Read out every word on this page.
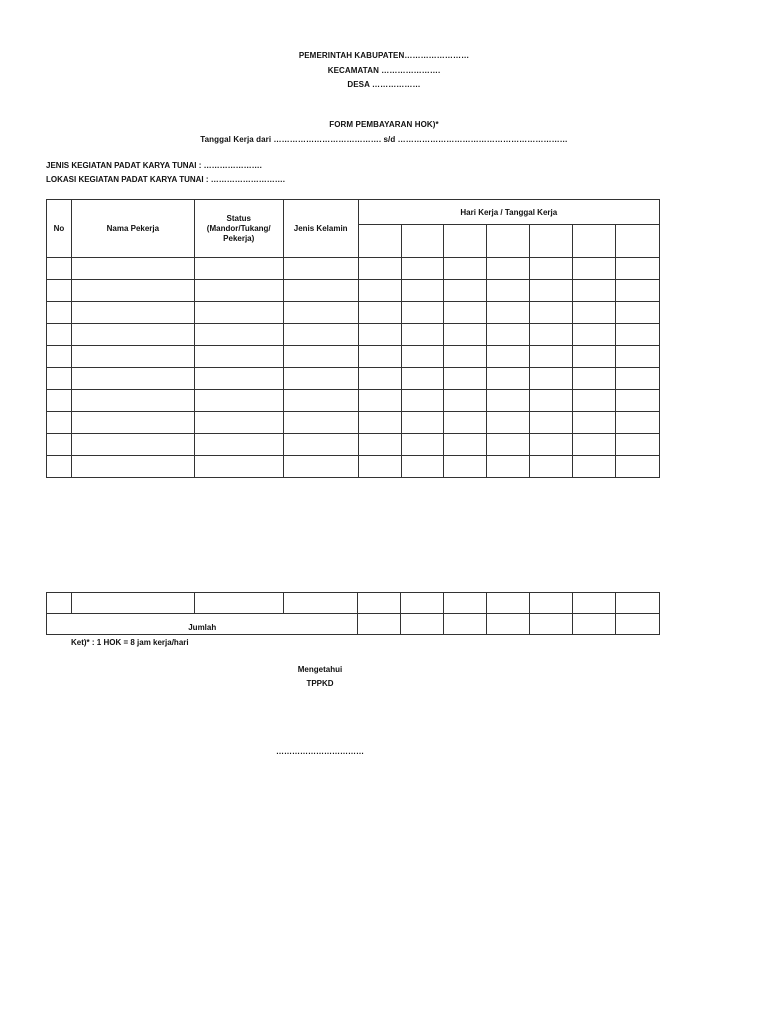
PEMERINTAH KABUPATEN……………………
KECAMATAN ………………….
DESA ………………
FORM PEMBAYARAN HOK)*
Tanggal Kerja dari …………………………………. s/d ………………………………………………………
JENIS KEGIATAN PADAT KARYA TUNAI : ………………….
LOKASI KEGIATAN PADAT KARYA TUNAI : ……………………….
No	Nama Pekerja	Status (Mandor/Tukang/ Pekerja)	Jenis Kelamin	Hari Kerja / Tanggal Kerja						

Jumlah										
Ket)* : 1 HOK = 8 jam kerja/hari
Mengetahui
TPPKD
……………………………
